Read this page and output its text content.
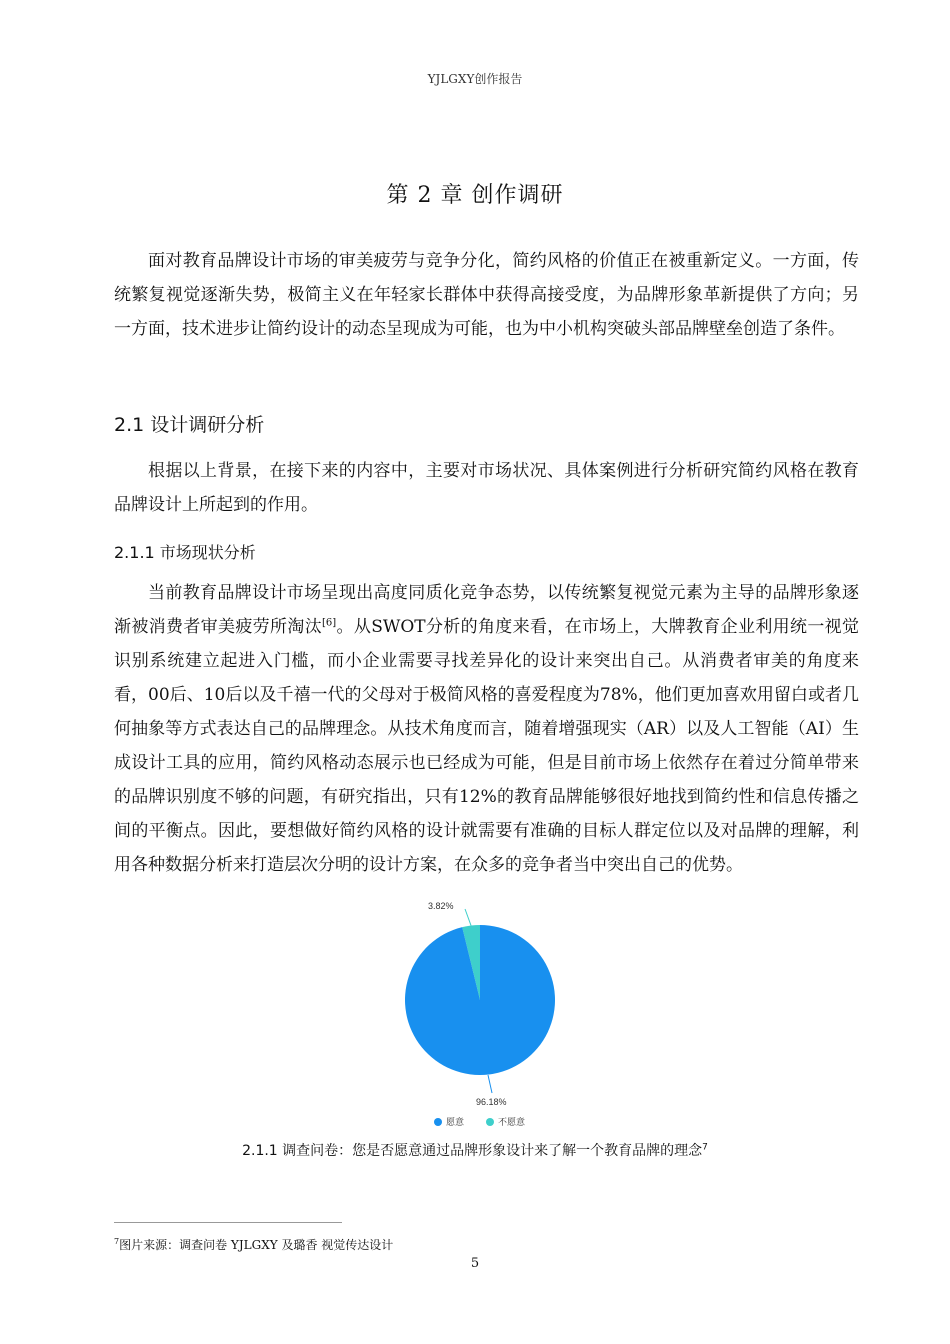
YJLGXY创作报告
第 2 章 创作调研

面对教育品牌设计市场的审美疲劳与竞争分化，简约风格的价值正在被重新定义。一方面，传统繁复视觉逐渐失势，极简主义在年轻家长群体中获得高接受度，为品牌形象革新提供了方向；另一方面，技术进步让简约设计的动态呈现成为可能，也为中小机构突破头部品牌壁垒创造了条件。

2.1 设计调研分析

根据以上背景，在接下来的内容中，主要对市场状况、具体案例进行分析研究简约风格在教育品牌设计上所起到的作用。

2.1.1 市场现状分析

当前教育品牌设计市场呈现出高度同质化竞争态势，以传统繁复视觉元素为主导的品牌形象逐渐被消费者审美疲劳所淘汰[6]。从SWOT分析的角度来看，在市场上，大牌教育企业利用统一视觉识别系统建立起进入门槛，而小企业需要寻找差异化的设计来突出自己。从消费者审美的角度来看，00后、10后以及千禧一代的父母对于极简风格的喜爱程度为78%，他们更加喜欢用留白或者几何抽象等方式表达自己的品牌理念。从技术角度而言，随着增强现实（AR）以及人工智能（AI）生成设计工具的应用，简约风格动态展示也已经成为可能，但是目前市场上依然存在着过分简单带来的品牌识别度不够的问题，有研究指出，只有12%的教育品牌能够很好地找到简约性和信息传播之间的平衡点。因此，要想做好简约风格的设计就需要有准确的目标人群定位以及对品牌的理解，利用各种数据分析来打造层次分明的设计方案，在众多的竞争者当中突出自己的优势。

3.82%
96.18%
愿意	不愿意
2.1.1 调查问卷：您是否愿意通过品牌形象设计来了解一个教育品牌的理念$^7$
$^7$图片来源：调查问卷 YJLGXY 及璐香 视觉传达设计
5
